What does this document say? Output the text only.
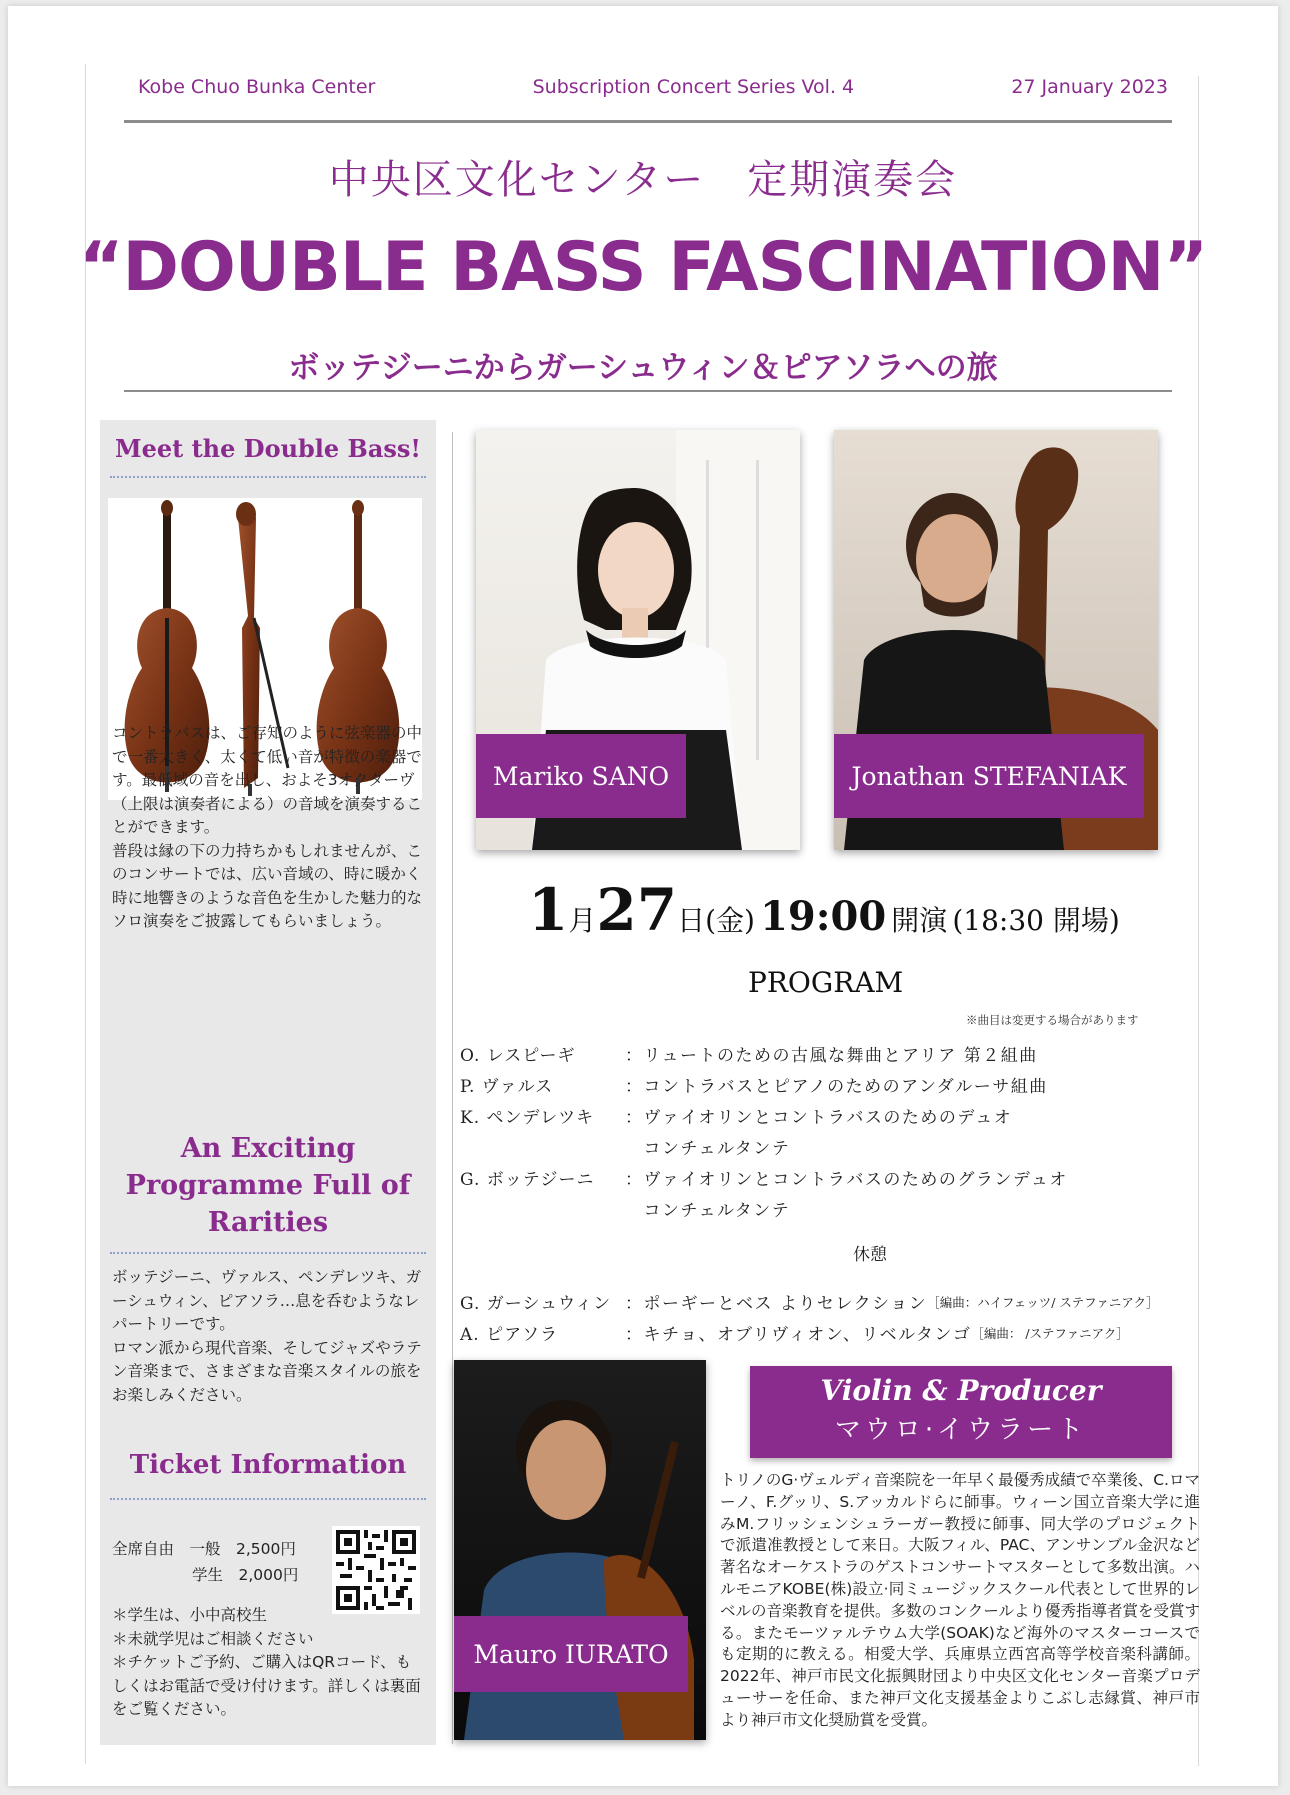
Kobe Chuo Bunka Center	Subscription Concert Series Vol. 4	27 January 2023
中央区文化センター　定期演奏会
“DOUBLE BASS FASCINATION”
ボッテジーニからガーシュウィン＆ピアソラへの旅
Meet the Double Bass!
コントラバスは、ご存知のように弦楽器の中で一番大きく、太くて低い音が特徴の楽器です。最低域の音を出し、およそ3オクターヴ（上限は演奏者による）の音域を演奏することができます。
普段は縁の下の力持ちかもしれませんが、このコンサートでは、広い音域の、時に暖かく時に地響きのような音色を生かした魅力的なソロ演奏をご披露してもらいましょう。
An Exciting Programme Full of Rarities
ボッテジーニ、ヴァルス、ペンデレツキ、ガーシュウィン、ピアソラ…息を呑むようなレパートリーです。
ロマン派から現代音楽、そしてジャズやラテン音楽まで、さまざまな音楽スタイルの旅をお楽しみください。
Ticket Information
全席自由　一般　2,500円
学生　2,000円
＊学生は、小中高校生
＊未就学児はご相談ください
＊チケットご予約、ご購入はQRコード、もしくはお電話で受け付けます。詳しくは裏面をご覧ください。
Mariko SANO	Jonathan STEFANIAK
1月27日(金) 19:00 開演 (18:30 開場)
PROGRAM
※曲目は変更する場合があります
O. レスピーギ	：リュートのための古風な舞曲とアリア 第２組曲
P. ヴァルス	：コントラバスとピアノのためのアンダルーサ組曲
K. ペンデレツキ	：ヴァイオリンとコントラバスのためのデュオ
　コンチェルタンテ
G. ボッテジーニ	：ヴァイオリンとコントラバスのためのグランデュオ
　コンチェルタンテ
休憩
G. ガーシュウィン ：ポーギーとベス よりセレクション ［編曲：ハイフェッツ/ ステファニアク］
A. ピアソラ	：キチョ、オブリヴィオン、リベルタンゴ ［編曲： /ステファニアク］
Mauro IURATO
Violin & Producer
マウロ·イウラート
トリノのG·ヴェルディ音楽院を一年早く最優秀成績で卒業後、C.ロマーノ、F.グッリ、S.アッカルドらに師事。ウィーン国立音楽大学に進みM.フリッシェンシュラーガー教授に師事、同大学のプロジェクトで派遣准教授として来日。大阪フィル、PAC、アンサンブル金沢など著名なオーケストラのゲストコンサートマスターとして多数出演。ハルモニアKOBE(株)設立·同ミュージックスクール代表として世界的レベルの音楽教育を提供。多数のコンクールより優秀指導者賞を受賞する。またモーツァルテウム大学(SOAK)など海外のマスターコースでも定期的に教える。相愛大学、兵庫県立西宮高等学校音楽科講師。2022年、神戸市民文化振興財団より中央区文化センター音楽プロデューサーを任命、また神戸文化支援基金よりこぶし志縁賞、神戸市より神戸市文化奨励賞を受賞。
